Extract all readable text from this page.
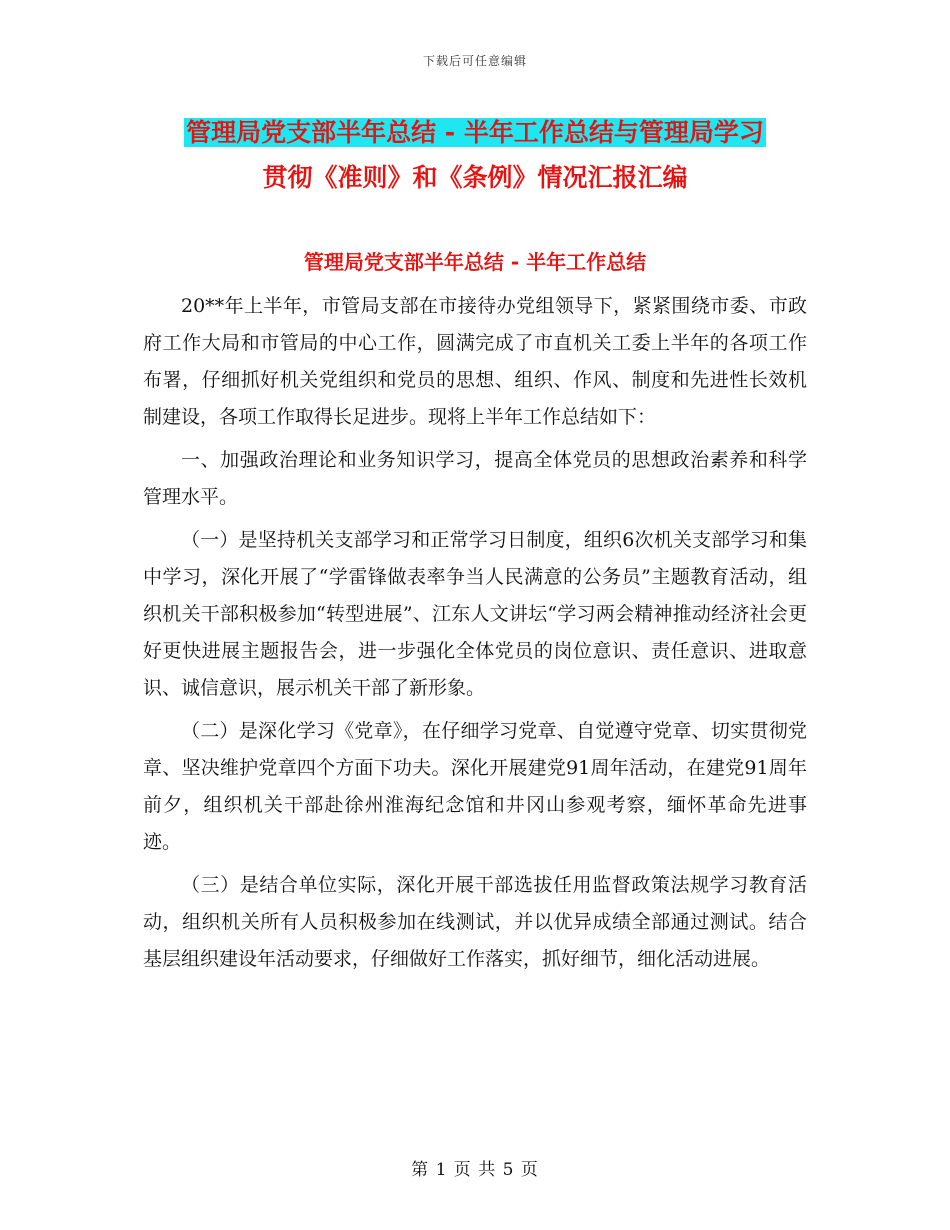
下载后可任意编辑
管理局党支部半年总结 - 半年工作总结与管理局学习
贯彻《准则》和《条例》情况汇报汇编
管理局党支部半年总结 - 半年工作总结

20**年上半年，市管局支部在市接待办党组领导下，紧紧围绕市委、市政府工作大局和市管局的中心工作，圆满完成了市直机关工委上半年的各项工作布署，仔细抓好机关党组织和党员的思想、组织、作风、制度和先进性长效机制建设，各项工作取得长足进步。现将上半年工作总结如下：

一、加强政治理论和业务知识学习，提高全体党员的思想政治素养和科学管理水平。

（一）是坚持机关支部学习和正常学习日制度，组织6次机关支部学习和集中学习，深化开展了“学雷锋做表率争当人民满意的公务员”主题教育活动，组织机关干部积极参加“转型进展”、江东人文讲坛“学习两会精神推动经济社会更好更快进展主题报告会，进一步强化全体党员的岗位意识、责任意识、进取意识、诚信意识，展示机关干部了新形象。

（二）是深化学习《党章》，在仔细学习党章、自觉遵守党章、切实贯彻党章、坚决维护党章四个方面下功夫。深化开展建党91周年活动，在建党91周年前夕，组织机关干部赴徐州淮海纪念馆和井冈山参观考察，缅怀革命先进事迹。

（三）是结合单位实际，深化开展干部选拔任用监督政策法规学习教育活动，组织机关所有人员积极参加在线测试，并以优异成绩全部通过测试。结合基层组织建设年活动要求，仔细做好工作落实，抓好细节，细化活动进展。

第 1 页 共 5 页
